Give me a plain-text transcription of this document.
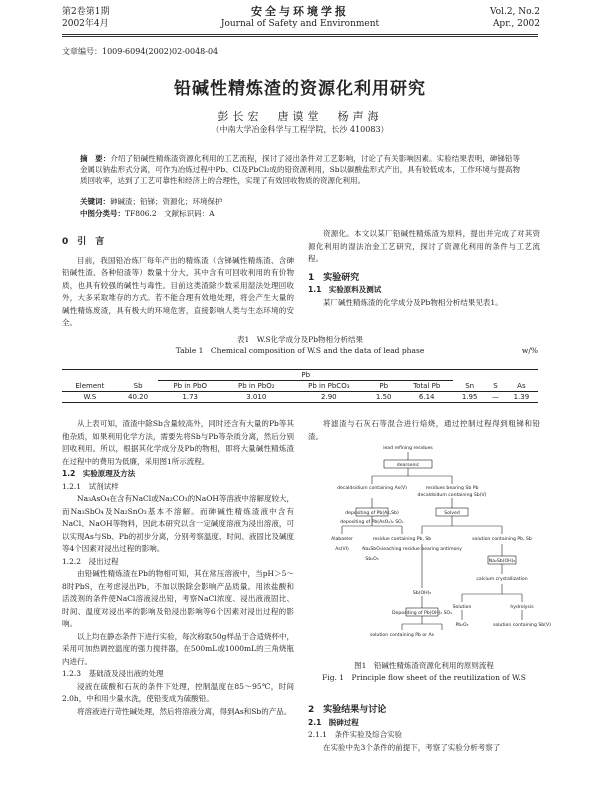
第2卷第1期
2002年4月
安全与环境学报
Journal of Safety and Environment
Vol.2, No.2
Apr., 2002
文章编号：1009-6094(2002)02-0048-04
铅碱性精炼渣的资源化利用研究
彭长宏　唐谟堂　杨声海
（中南大学冶金科学与工程学院，长沙 410083）
摘　要：介绍了铅碱性精炼渣资源化利用的工艺流程，探讨了浸出条件对工艺影响，讨论了有关影响因素。实验结果表明，砷锑铅等金属以钠盐形式分离，可作为冶炼过程中Pb、Cl及PbCl₂成的铅资源利用，Sb以碳酸盐形式产出，具有较低成本，工作环境与提高物质回收率，达到了工艺可靠性和经济上的合理性，实现了有效回收物质的资源化利用。
关键词：砷碱渣；铅锑；资源化；环境保护
中图分类号：TF806.2　文献标识码：A
0　引　言

目前，我国铅冶炼厂每年产出的精炼渣（含锑碱性精炼渣、含砷铅碱性渣、各种铅渣等）数量十分大，其中含有可回收利用的有价物质，也具有较强的碱性与毒性。目前这类渣除少数采用湿法处理回收外，大多采取堆存的方式。若不能合理有效地处理，将会产生大量的碱性精炼废渣，具有极大的环境危害，直接影响人类与生态环境的安全。

资源化。本文以某厂铅碱性精炼渣为原料，提出并完成了对其资源化利用的湿法冶金工艺研究，探讨了资源化利用的条件与工艺流程。

1　实验研究
1.1　实验原料及测试

某厂碱性精炼渣的化学成分及Pb物相分析结果见表1。

表1　W.S化学成分及Pb物相分析结果
Table 1　Chemical composition of W.S and the data of lead phase	w/%
		Pb							
Element	Sb	Pb in PbO	Pb in PbO₂	Pb in PbCO₃	Pb	Total Pb	Sn	S	As
W.S	40.20	1.73	3.010	2.90	1.50	6.14	1.95	—	1.39

从上表可知，渣渣中除Sb含量较高外，同时还含有大量的Pb等其他杂质，如果利用化学方法，需要先将Sb与Pb等杂质分离，然后分别回收利用。所以，根据其化学成分及Pb的物相，即将大量碱性精炼渣在过程中的费用为低廉，采用图1所示流程。

1.2　实验原理及方法
1.2.1　试剂试样

Na₃AsO₄在含有NaCl或Na₂CO₃的NaOH等溶液中溶解度较大，而Na₃SbO₄及Na₂SnO₃基本不溶解。而砷碱性精炼渣液中含有NaCl、NaOH等物料，因此本研究以含一定碱度溶液为浸出溶液，可以实现As与Sb、Pb的初步分离，分别考察温度、时间、液固比及碱度等4个因素对浸出过程的影响。

1.2.2　浸出过程

由铅碱性精炼渣在Pb的物相可知，其在常压溶液中，当pH＞5～8时PbS，在考虑浸出Pb，不加以脱除会影响产品质量。用浓盐酸和活泼剂的条件使NaCl溶液浸出铅，考察NaCl浓度、浸出液液固比、时间、温度对浸出率的影响及铅浸出影响等6个因素对浸出过程的影响。

以上均在静态条件下进行实验，每次称取50g样品于合适烧杯中，采用可加热调控温度的强力搅拌器，在500mL或1000mL的三角烧瓶内进行。

1.2.3　基础渣及浸出液的处理

浸液在硫酸和石灰的条件下处理，控制温度在85～95℃，时间2.0h，中和用少量水洗，使铅变成为硫酸铅。

将溶液进行苛性碱处理，然后将溶液分离，得到As和Sb的产品。

将滤渣与石灰石等混合进行焙烧，通过控制过程得到粗锑和铅渣。

lead refining residues
dearsenic
decaldsidium containing As(V)	residues bearing Sb Pb
decaldsidum containing Sb(V)
depositing of Pb(As,Sb)	Solved
depositing of Pb(AsO₂)₂ SOₓ
Alabaster	residue containing Pb, Sb
leaching residue bearing antimony
solution containing Pb, Sb
As(VI)	Na₂SbO₃
Sb₂O₃	Na₂Sb(OH)₆
calcium crystallization
Sb(OH)₅
Solution
Depositing of Pb(OH)₂ SO₄
hydrolysis
solution containing Pb or As
Pb₂O₃	solution containing Sb(V)
图1　铅碱性精炼渣资源化利用的原则流程
Fig. 1　Principle flow sheet of the reutilization of W.S
2　实验结果与讨论
2.1　脱砷过程
2.1.1　条件实验及综合实验

在实验中先3个条件的前提下，考察了实验分析考察了
